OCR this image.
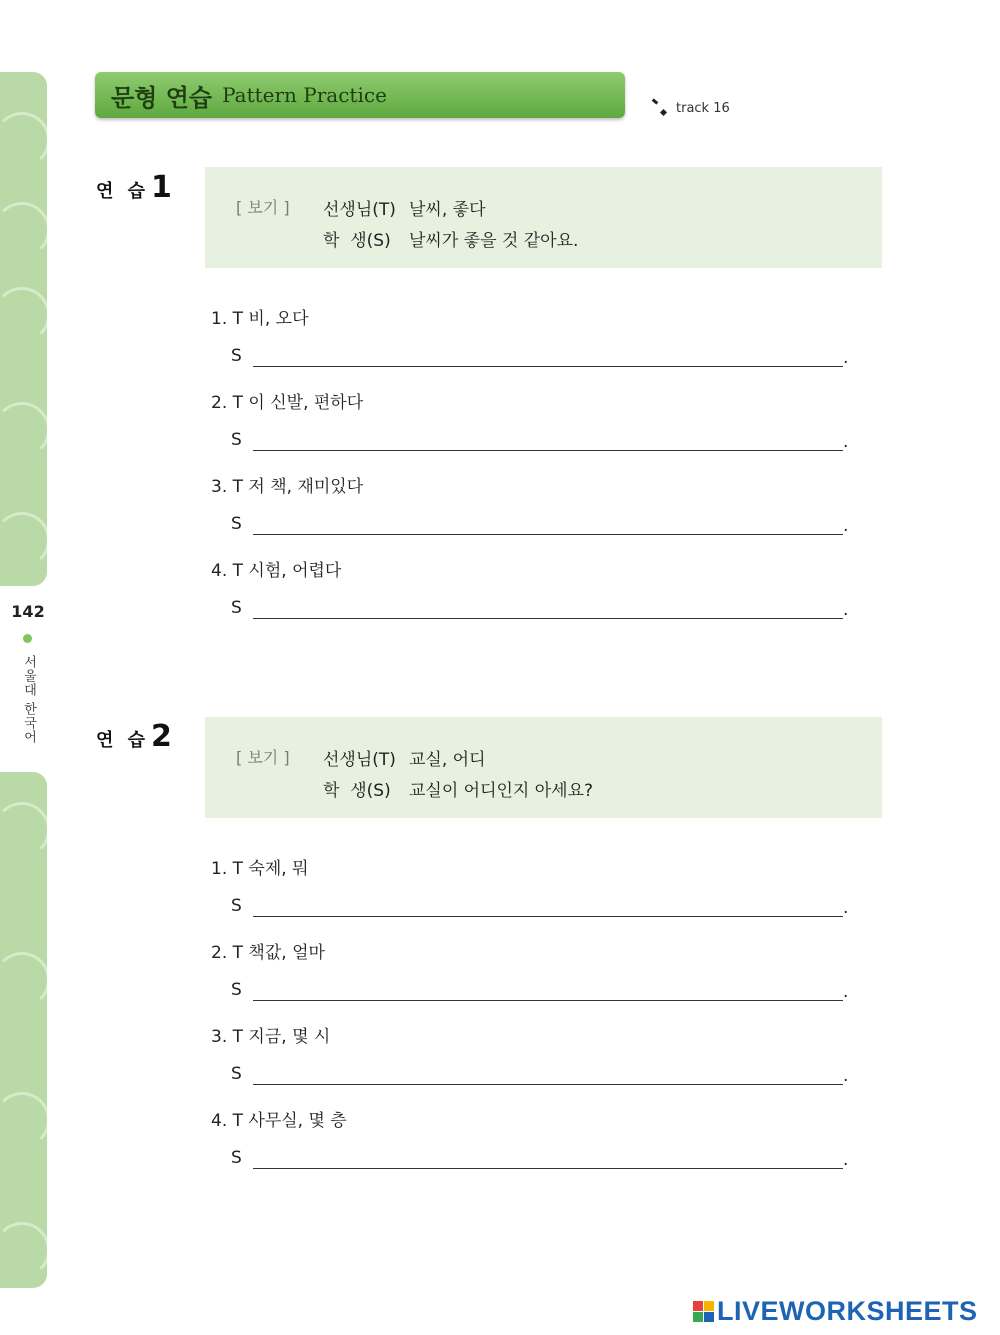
142
서울대 한국어
문형 연습 Pattern Practice
track 16
연 습 1
[ 보기 ] 선생님(T) 날씨, 좋다
학  생(S)	날씨가 좋을 것 같아요.
1. T 비, 오다
S	.
2. T 이 신발, 편하다
S	.
3. T 저 책, 재미있다
S	.
4. T 시험, 어렵다
S	.
연 습 2
[ 보기 ] 선생님(T) 교실, 어디
학  생(S)	교실이 어디인지 아세요?
1. T 숙제, 뭐
S	.
2. T 책값, 얼마
S	.
3. T 지금, 몇 시
S	.
4. T 사무실, 몇 층
S	.
LIVEWORKSHEETS
